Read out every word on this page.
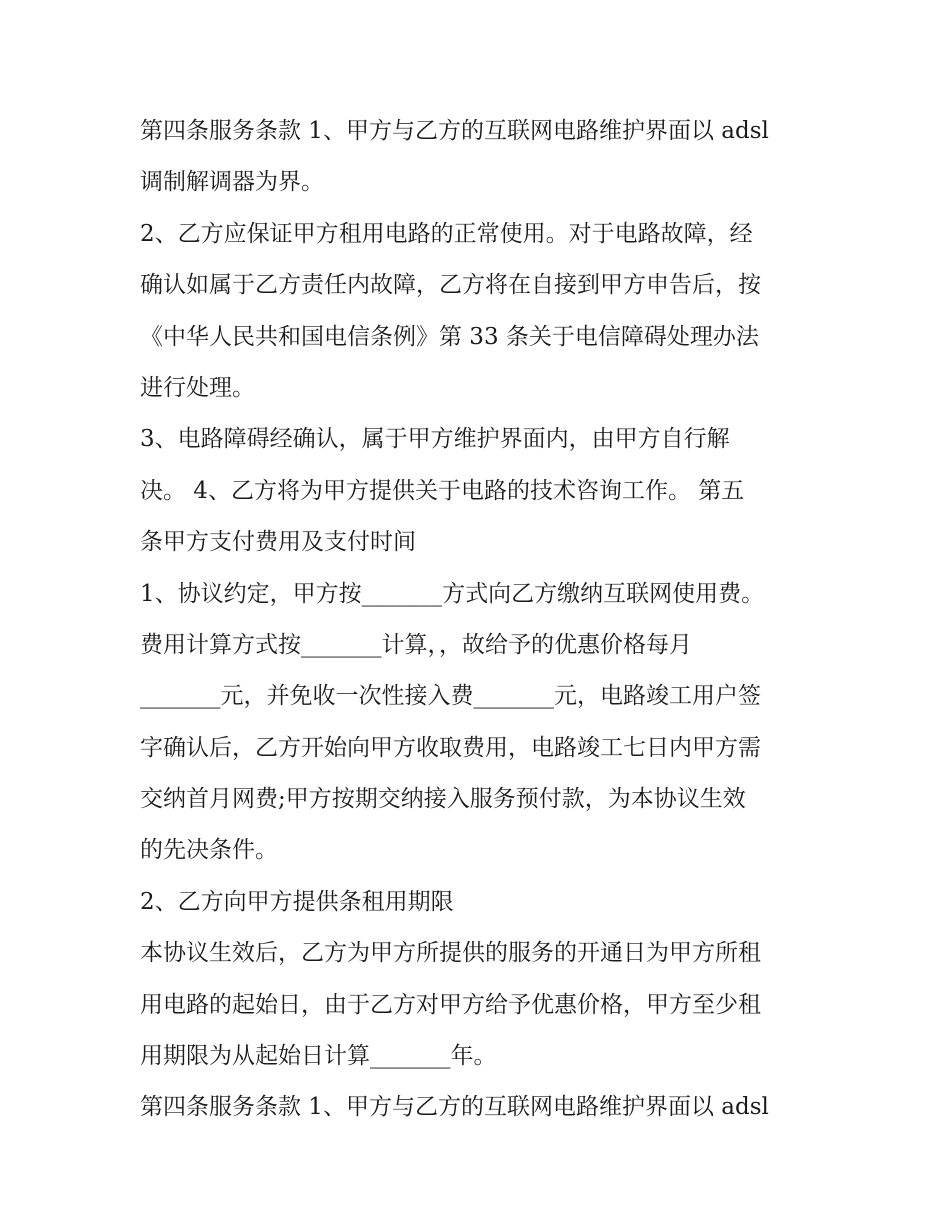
第四条服务条款 1、甲方与乙方的互联网电路维护界面以 adsl
调制解调器为界。
2、乙方应保证甲方租用电路的正常使用。对于电路故障，经
确认如属于乙方责任内故障，乙方将在自接到甲方申告后，按
《中华人民共和国电信条例》第 33 条关于电信障碍处理办法
进行处理。
3、电路障碍经确认，属于甲方维护界面内，由甲方自行解
决。 4、乙方将为甲方提供关于电路的技术咨询工作。 第五
条甲方支付费用及支付时间
1、协议约定，甲方按_______方式向乙方缴纳互联网使用费。
费用计算方式按_______计算，，故给予的优惠价格每月
_______元，并免收一次性接入费_______元，电路竣工用户签
字确认后，乙方开始向甲方收取费用，电路竣工七日内甲方需
交纳首月网费;甲方按期交纳接入服务预付款，为本协议生效
的先决条件。
2、乙方向甲方提供条租用期限
本协议生效后，乙方为甲方所提供的服务的开通日为甲方所租
用电路的起始日，由于乙方对甲方给予优惠价格，甲方至少租
用期限为从起始日计算_______年。
第四条服务条款 1、甲方与乙方的互联网电路维护界面以 adsl
